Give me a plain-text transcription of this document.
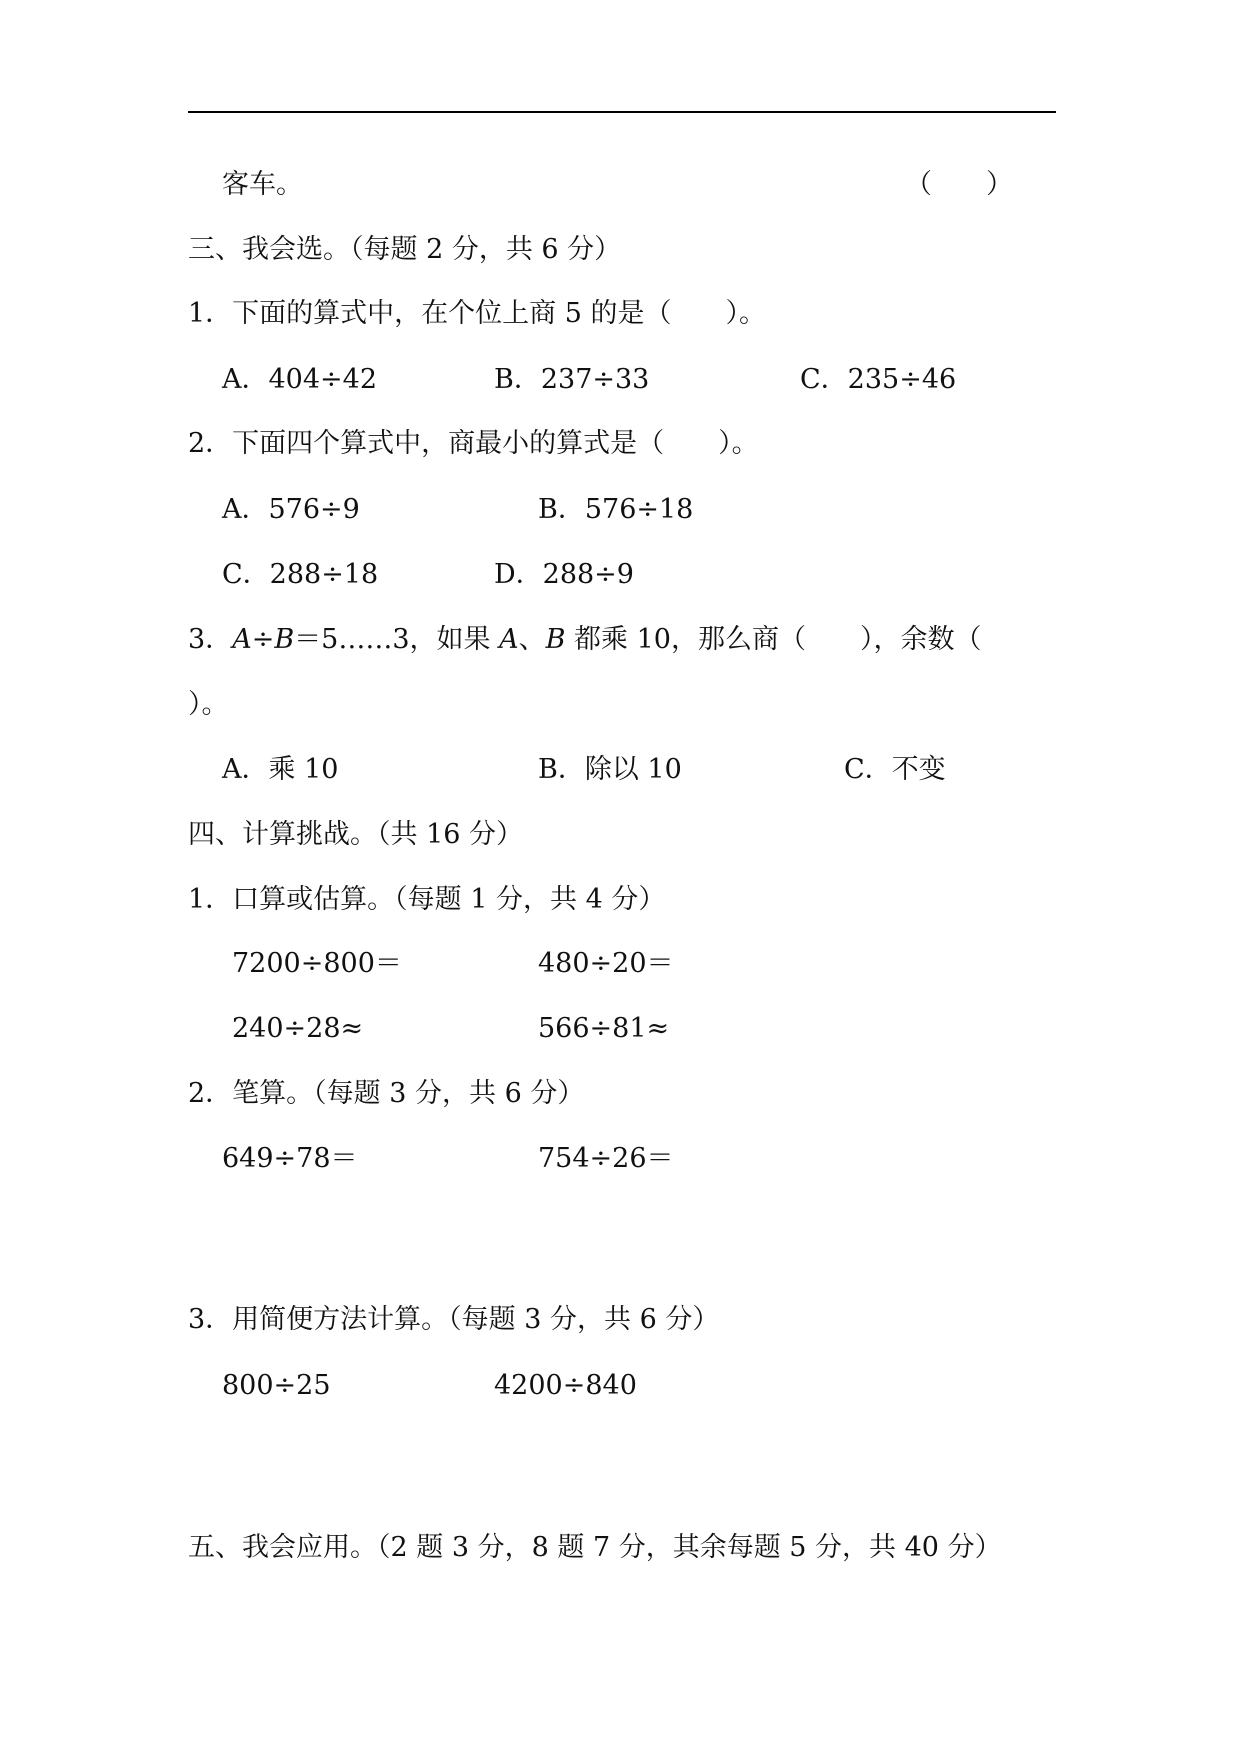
客车。	（　　）
三、我会选。（每题 2 分，共 6 分）
1．下面的算式中，在个位上商 5 的是（　　）。
A．404÷42	B．237÷33	C．235÷46
2．下面四个算式中，商最小的算式是（　　）。
A．576÷9	B．576÷18
C．288÷18	D．288÷9
3．A÷B＝5……3，如果 A、B 都乘 10，那么商（　　），余数（
）。
A．乘 10	B．除以 10	C．不变
四、计算挑战。（共 16 分）
1．口算或估算。（每题 1 分，共 4 分）
7200÷800＝	480÷20＝
240÷28≈	566÷81≈
2．笔算。（每题 3 分，共 6 分）
649÷78＝	754÷26＝
3．用简便方法计算。（每题 3 分，共 6 分）
800÷25	4200÷840
五、我会应用。（2 题 3 分，8 题 7 分，其余每题 5 分，共 40 分）
